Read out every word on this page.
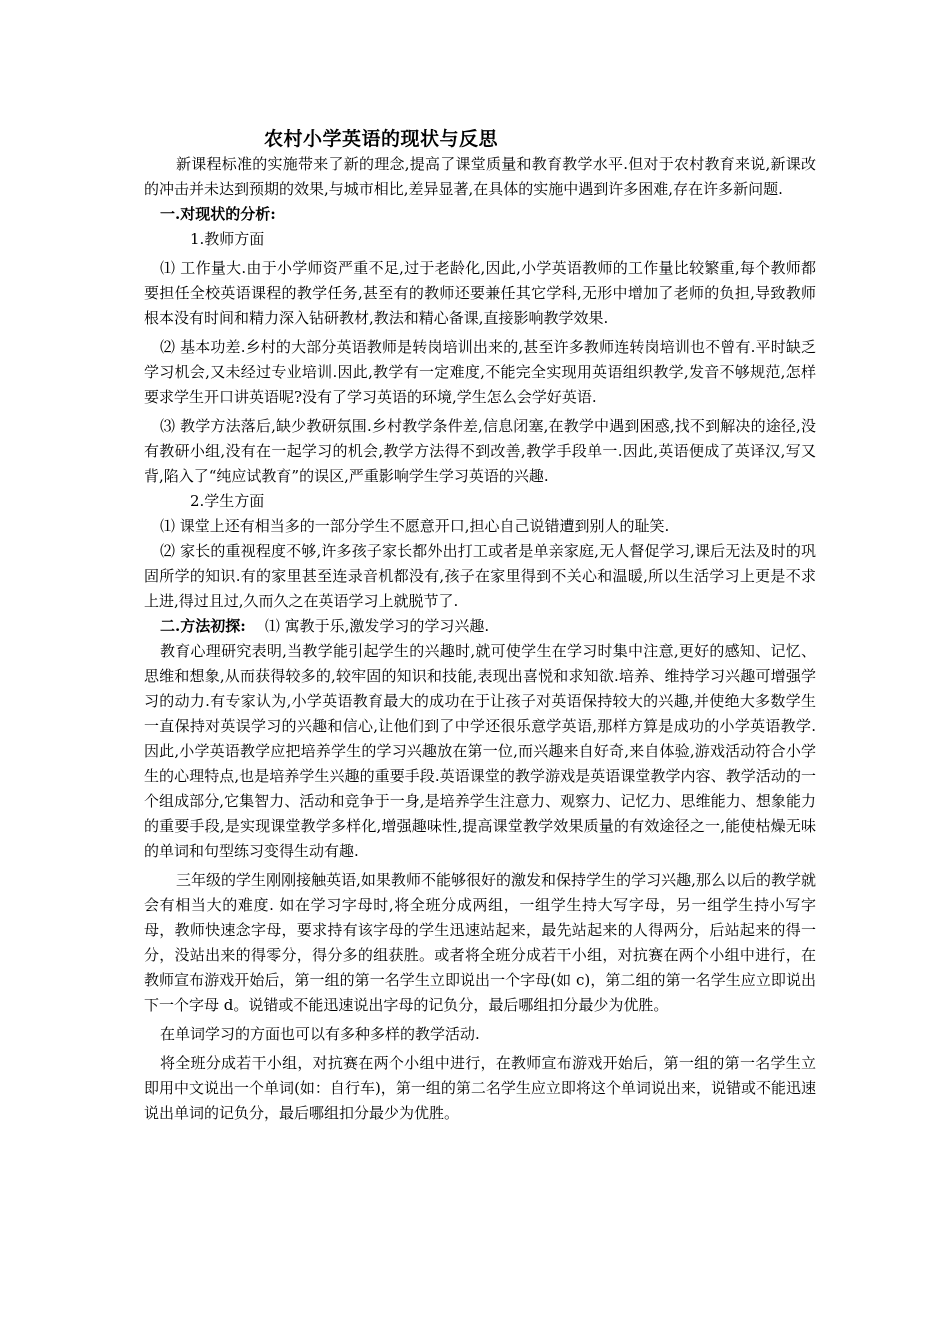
农村小学英语的现状与反思

新课程标准的实施带来了新的理念,提高了课堂质量和教育教学水平.但对于农村教育来说,新课改的冲击并未达到预期的效果,与城市相比,差异显著,在具体的实施中遇到许多困难,存在许多新问题.

一.对现状的分析:

1.教师方面

⑴ 工作量大.由于小学师资严重不足,过于老龄化,因此,小学英语教师的工作量比较繁重,每个教师都要担任全校英语课程的教学任务,甚至有的教师还要兼任其它学科,无形中增加了老师的负担,导致教师根本没有时间和精力深入钻研教材,教法和精心备课,直接影响教学效果.

⑵ 基本功差.乡村的大部分英语教师是转岗培训出来的,甚至许多教师连转岗培训也不曾有.平时缺乏学习机会,又未经过专业培训.因此,教学有一定难度,不能完全实现用英语组织教学,发音不够规范,怎样要求学生开口讲英语呢?没有了学习英语的环境,学生怎么会学好英语.

⑶ 教学方法落后,缺少教研氛围.乡村教学条件差,信息闭塞,在教学中遇到困惑,找不到解决的途径,没有教研小组,没有在一起学习的机会,教学方法得不到改善,教学手段单一.因此,英语便成了英译汉,写又背,陷入了“纯应试教育”的误区,严重影响学生学习英语的兴趣.

2.学生方面

⑴ 课堂上还有相当多的一部分学生不愿意开口,担心自己说错遭到别人的耻笑.

⑵ 家长的重视程度不够,许多孩子家长都外出打工或者是单亲家庭,无人督促学习,课后无法及时的巩固所学的知识.有的家里甚至连录音机都没有,孩子在家里得到不关心和温暖,所以生活学习上更是不求上进,得过且过,久而久之在英语学习上就脱节了.

二.方法初探: ⑴ 寓教于乐,激发学习的学习兴趣.

教育心理研究表明,当教学能引起学生的兴趣时,就可使学生在学习时集中注意,更好的感知、记忆、思维和想象,从而获得较多的,较牢固的知识和技能,表现出喜悦和求知欲.培养、维持学习兴趣可增强学习的动力.有专家认为,小学英语教育最大的成功在于让孩子对英语保持较大的兴趣,并使绝大多数学生一直保持对英误学习的兴趣和信心,让他们到了中学还很乐意学英语,那样方算是成功的小学英语教学.因此,小学英语教学应把培养学生的学习兴趣放在第一位,而兴趣来自好奇,来自体验,游戏活动符合小学生的心理特点,也是培养学生兴趣的重要手段.英语课堂的教学游戏是英语课堂教学内容、教学活动的一个组成部分,它集智力、活动和竞争于一身,是培养学生注意力、观察力、记忆力、思维能力、想象能力的重要手段,是实现课堂教学多样化,增强趣味性,提高课堂教学效果质量的有效途径之一,能使枯燥无味的单词和句型练习变得生动有趣.

三年级的学生刚刚接触英语,如果教师不能够很好的激发和保持学生的学习兴趣,那么以后的教学就会有相当大的难度. 如在学习字母时,将全班分成两组，一组学生持大写字母，另一组学生持小写字母，教师快速念字母，要求持有该字母的学生迅速站起来，最先站起来的人得两分，后站起来的得一分，没站出来的得零分，得分多的组获胜。或者将全班分成若干小组，对抗赛在两个小组中进行，在教师宣布游戏开始后，第一组的第一名学生立即说出一个字母(如 c)，第二组的第一名学生应立即说出下一个字母 d。说错或不能迅速说出字母的记负分，最后哪组扣分最少为优胜。

在单词学习的方面也可以有多种多样的教学活动.

将全班分成若干小组，对抗赛在两个小组中进行，在教师宣布游戏开始后，第一组的第一名学生立即用中文说出一个单词(如：自行车)，第一组的第二名学生应立即将这个单词说出来，说错或不能迅速说出单词的记负分，最后哪组扣分最少为优胜。
